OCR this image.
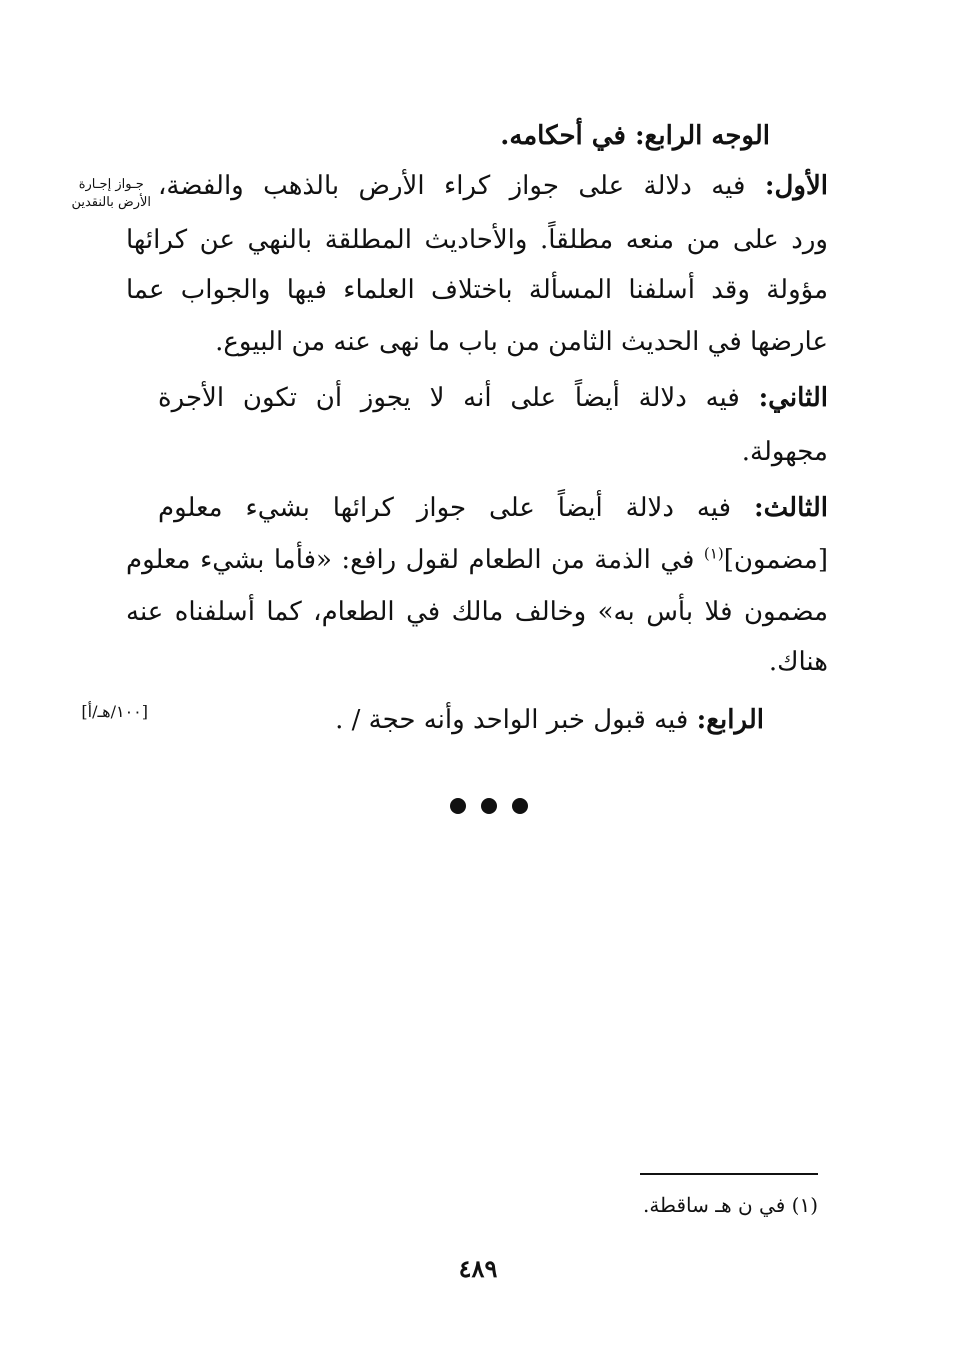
الوجه الرابع: في أحكامه.
جـواز إجـارة
الأرض بالنقدين
الأول: فيه دلالة على جواز كراء الأرض بالذهب والفضة،
ورد على من منعه مطلقاً. والأحاديث المطلقة بالنهي عن كرائها
مؤولة وقد أسلفنا المسألة باختلاف العلماء فيها والجواب عما
عارضها في الحديث الثامن من باب ما نهى عنه من البيوع.
الثاني: فيه دلالة أيضاً على أنه لا يجوز أن تكون الأجرة
مجهولة.
الثالث: فيه دلالة أيضاً على جواز كرائها بشيء معلوم
[مضمون]$^{(١)}$ في الذمة من الطعام لقول رافع: «فأما بشيء معلوم
مضمون فلا بأس به» وخالف مالك في الطعام، كما أسلفناه عنه
هناك.
الرابع: فيه قبول خبر الواحد وأنه حجة / .
[١٠٠/هـ/أ]
(١) في ن هـ ساقطة.
٤٨٩
